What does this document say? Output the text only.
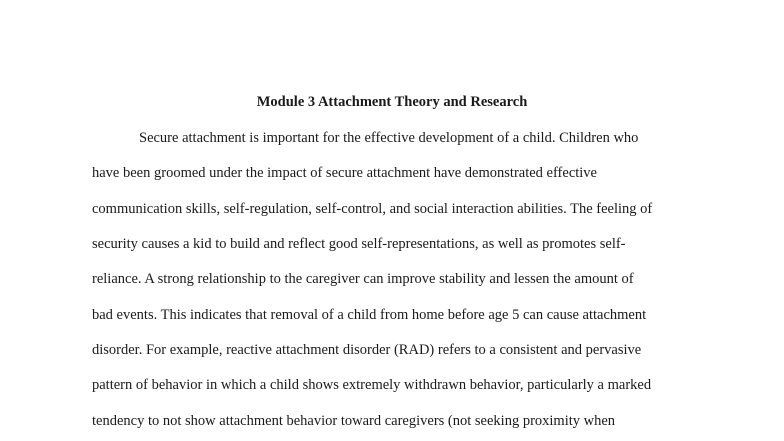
Module 3 Attachment Theory and Research
Secure attachment is important for the effective development of a child. Children who
have been groomed under the impact of secure attachment have demonstrated effective
communication skills, self-regulation, self-control, and social interaction abilities. The feeling of
security causes a kid to build and reflect good self-representations, as well as promotes self-
reliance. A strong relationship to the caregiver can improve stability and lessen the amount of
bad events. This indicates that removal of a child from home before age 5 can cause attachment
disorder. For example, reactive attachment disorder (RAD) refers to a consistent and pervasive
pattern of behavior in which a child shows extremely withdrawn behavior, particularly a marked
tendency to not show attachment behavior toward caregivers (not seeking proximity when
